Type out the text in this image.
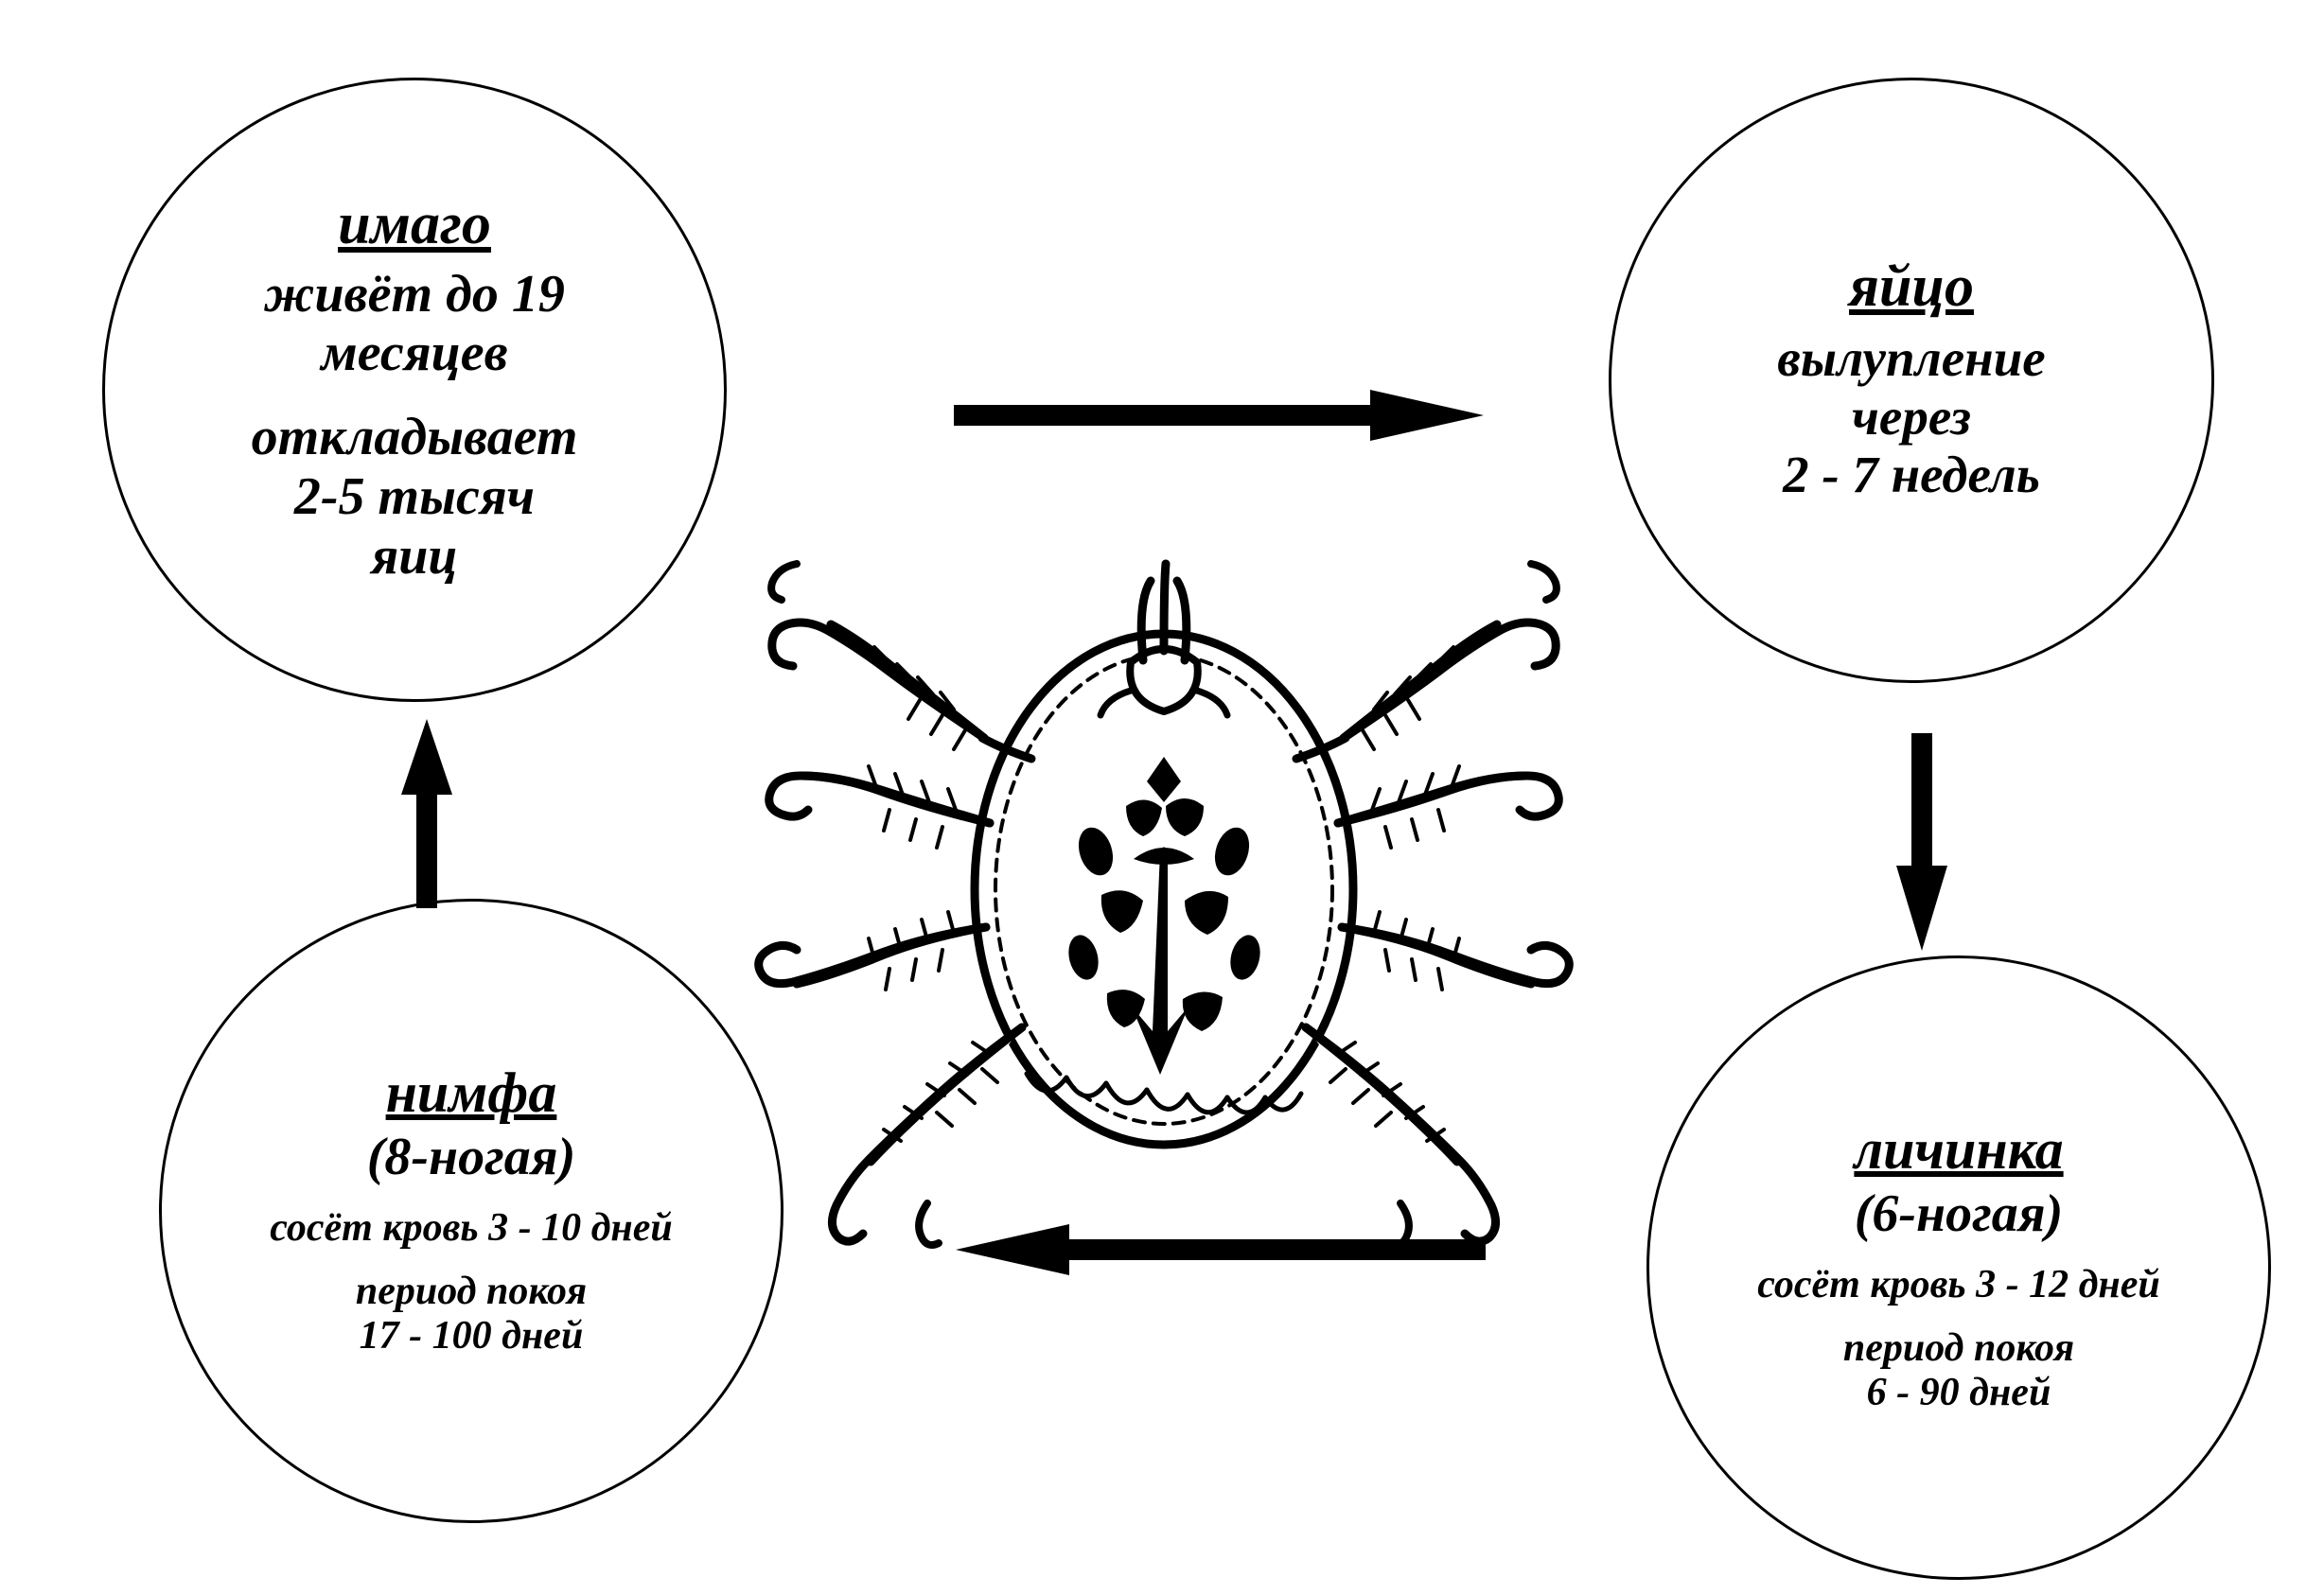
имаго
живёт до 19
месяцев
откладывает
2-5 тысяч
яиц
яйцо
вылупление
через
2 - 7 недель
нимфа
(8-ногая)
сосёт кровь 3 - 10 дней
период покоя
17 - 100 дней
личинка
(6-ногая)
сосёт кровь 3 - 12 дней
период покоя
6 - 90 дней
